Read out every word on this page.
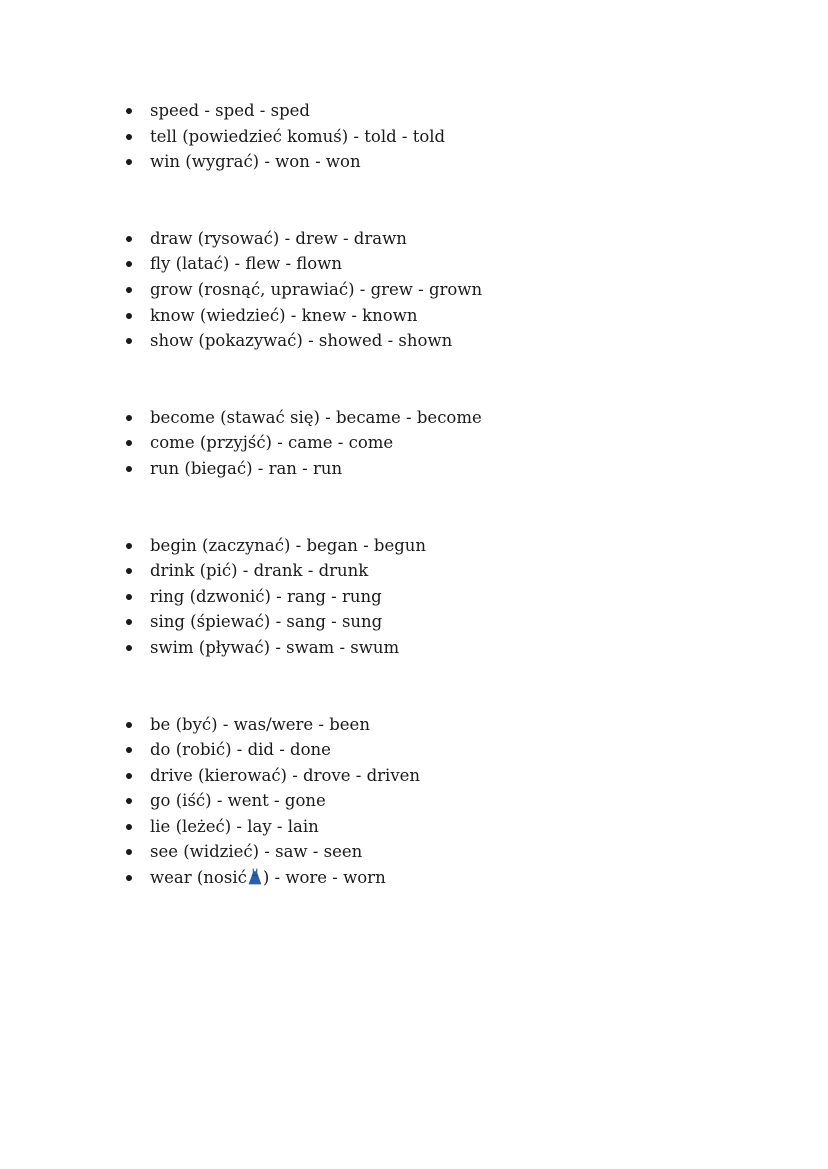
speed - sped - sped
tell (powiedzieć komuś) - told - told
win (wygrać) - won - won
draw (rysować) - drew - drawn
fly (latać) - flew - flown
grow (rosnąć, uprawiać) - grew - grown
know (wiedzieć) - knew - known
show (pokazywać) - showed - shown
become (stawać się) - became - become
come (przyjść) - came - come
run (biegać) - ran - run
begin (zaczynać) - began - begun
drink (pić) - drank - drunk
ring (dzwonić) - rang - rung
sing (śpiewać) - sang - sung
swim (pływać) - swam - swum
be (być) - was/were - been
do (robić) - did - done
drive (kierować) - drove - driven
go (iść) - went - gone
lie (leżeć) - lay - lain
see (widzieć) - saw - seen
wear (nosić ) - wore - worn
